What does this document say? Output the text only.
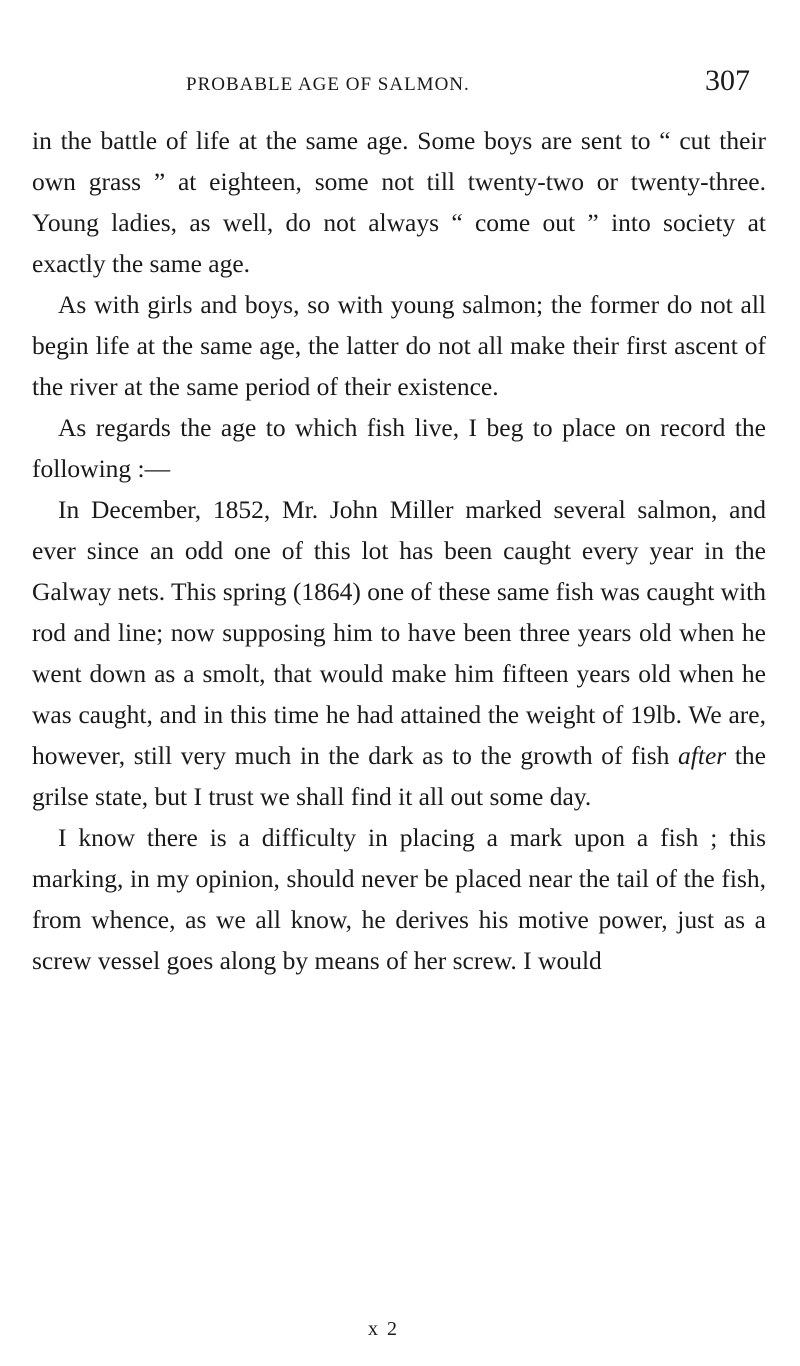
PROBABLE AGE OF SALMON.	307

in the battle of life at the same age. Some boys are sent to “ cut their own grass ” at eighteen, some not till twenty-two or twenty-three. Young ladies, as well, do not always “ come out ” into society at exactly the same age.

As with girls and boys, so with young salmon; the former do not all begin life at the same age, the latter do not all make their first ascent of the river at the same period of their existence.

As regards the age to which fish live, I beg to place on record the following :—

In December, 1852, Mr. John Miller marked several salmon, and ever since an odd one of this lot has been caught every year in the Galway nets. This spring (1864) one of these same fish was caught with rod and line; now supposing him to have been three years old when he went down as a smolt, that would make him fifteen years old when he was caught, and in this time he had attained the weight of 19lb. We are, however, still very much in the dark as to the growth of fish after the grilse state, but I trust we shall find it all out some day.

I know there is a difficulty in placing a mark upon a fish ; this marking, in my opinion, should never be placed near the tail of the fish, from whence, as we all know, he derives his motive power, just as a screw vessel goes along by means of her screw. I would

x 2
